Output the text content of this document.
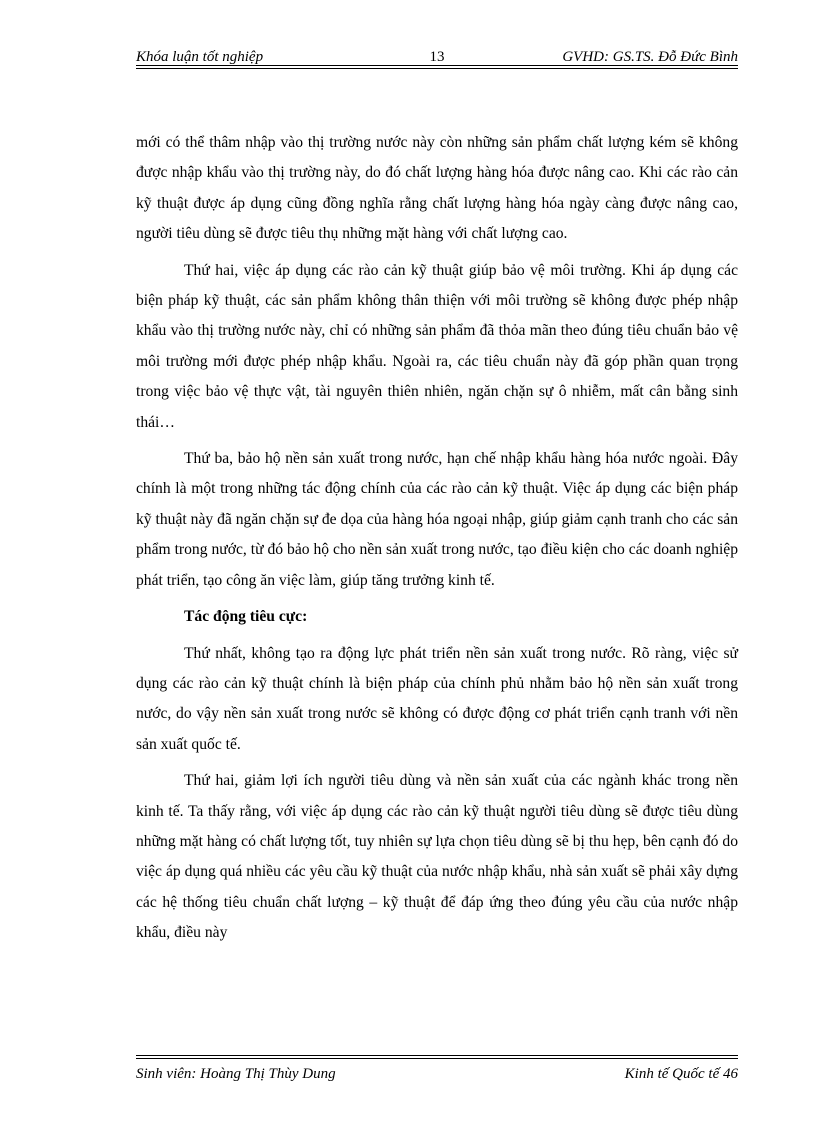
Khóa luận tốt nghiệp	13	GVHD: GS.TS. Đỗ Đức Bình

mới có thể thâm nhập vào thị trường nước này còn những sản phẩm chất lượng kém sẽ không được nhập khẩu vào thị trường này, do đó chất lượng hàng hóa được nâng cao. Khi các rào cản kỹ thuật được áp dụng cũng đồng nghĩa rằng chất lượng hàng hóa ngày càng được nâng cao, người tiêu dùng sẽ được tiêu thụ những mặt hàng với chất lượng cao.

Thứ hai, việc áp dụng các rào cản kỹ thuật giúp bảo vệ môi trường. Khi áp dụng các biện pháp kỹ thuật, các sản phẩm không thân thiện với môi trường sẽ không được phép nhập khẩu vào thị trường nước này, chỉ có những sản phẩm đã thỏa mãn theo đúng tiêu chuẩn bảo vệ môi trường mới được phép nhập khẩu. Ngoài ra, các tiêu chuẩn này đã góp phần quan trọng trong việc bảo vệ thực vật, tài nguyên thiên nhiên, ngăn chặn sự ô nhiễm, mất cân bằng sinh thái…

Thứ ba, bảo hộ nền sản xuất trong nước, hạn chế nhập khẩu hàng hóa nước ngoài. Đây chính là một trong những tác động chính của các rào cản kỹ thuật. Việc áp dụng các biện pháp kỹ thuật này đã ngăn chặn sự đe dọa của hàng hóa ngoại nhập, giúp giảm cạnh tranh cho các sản phẩm trong nước, từ đó bảo hộ cho nền sản xuất trong nước, tạo điều kiện cho các doanh nghiệp phát triển, tạo công ăn việc làm, giúp tăng trưởng kinh tế.

Tác động tiêu cực:

Thứ nhất, không tạo ra động lực phát triển nền sản xuất trong nước. Rõ ràng, việc sử dụng các rào cản kỹ thuật chính là biện pháp của chính phủ nhằm bảo hộ nền sản xuất trong nước, do vậy nền sản xuất trong nước sẽ không có được động cơ phát triển cạnh tranh với nền sản xuất quốc tế.

Thứ hai, giảm lợi ích người tiêu dùng và nền sản xuất của các ngành khác trong nền kinh tế. Ta thấy rằng, với việc áp dụng các rào cản kỹ thuật người tiêu dùng sẽ được tiêu dùng những mặt hàng có chất lượng tốt, tuy nhiên sự lựa chọn tiêu dùng sẽ bị thu hẹp, bên cạnh đó do việc áp dụng quá nhiều các yêu cầu kỹ thuật của nước nhập khẩu, nhà sản xuất sẽ phải xây dựng các hệ thống tiêu chuẩn chất lượng – kỹ thuật để đáp ứng theo đúng yêu cầu của nước nhập khẩu, điều này

Sinh viên: Hoàng Thị Thùy Dung	Kinh tế Quốc tế 46
